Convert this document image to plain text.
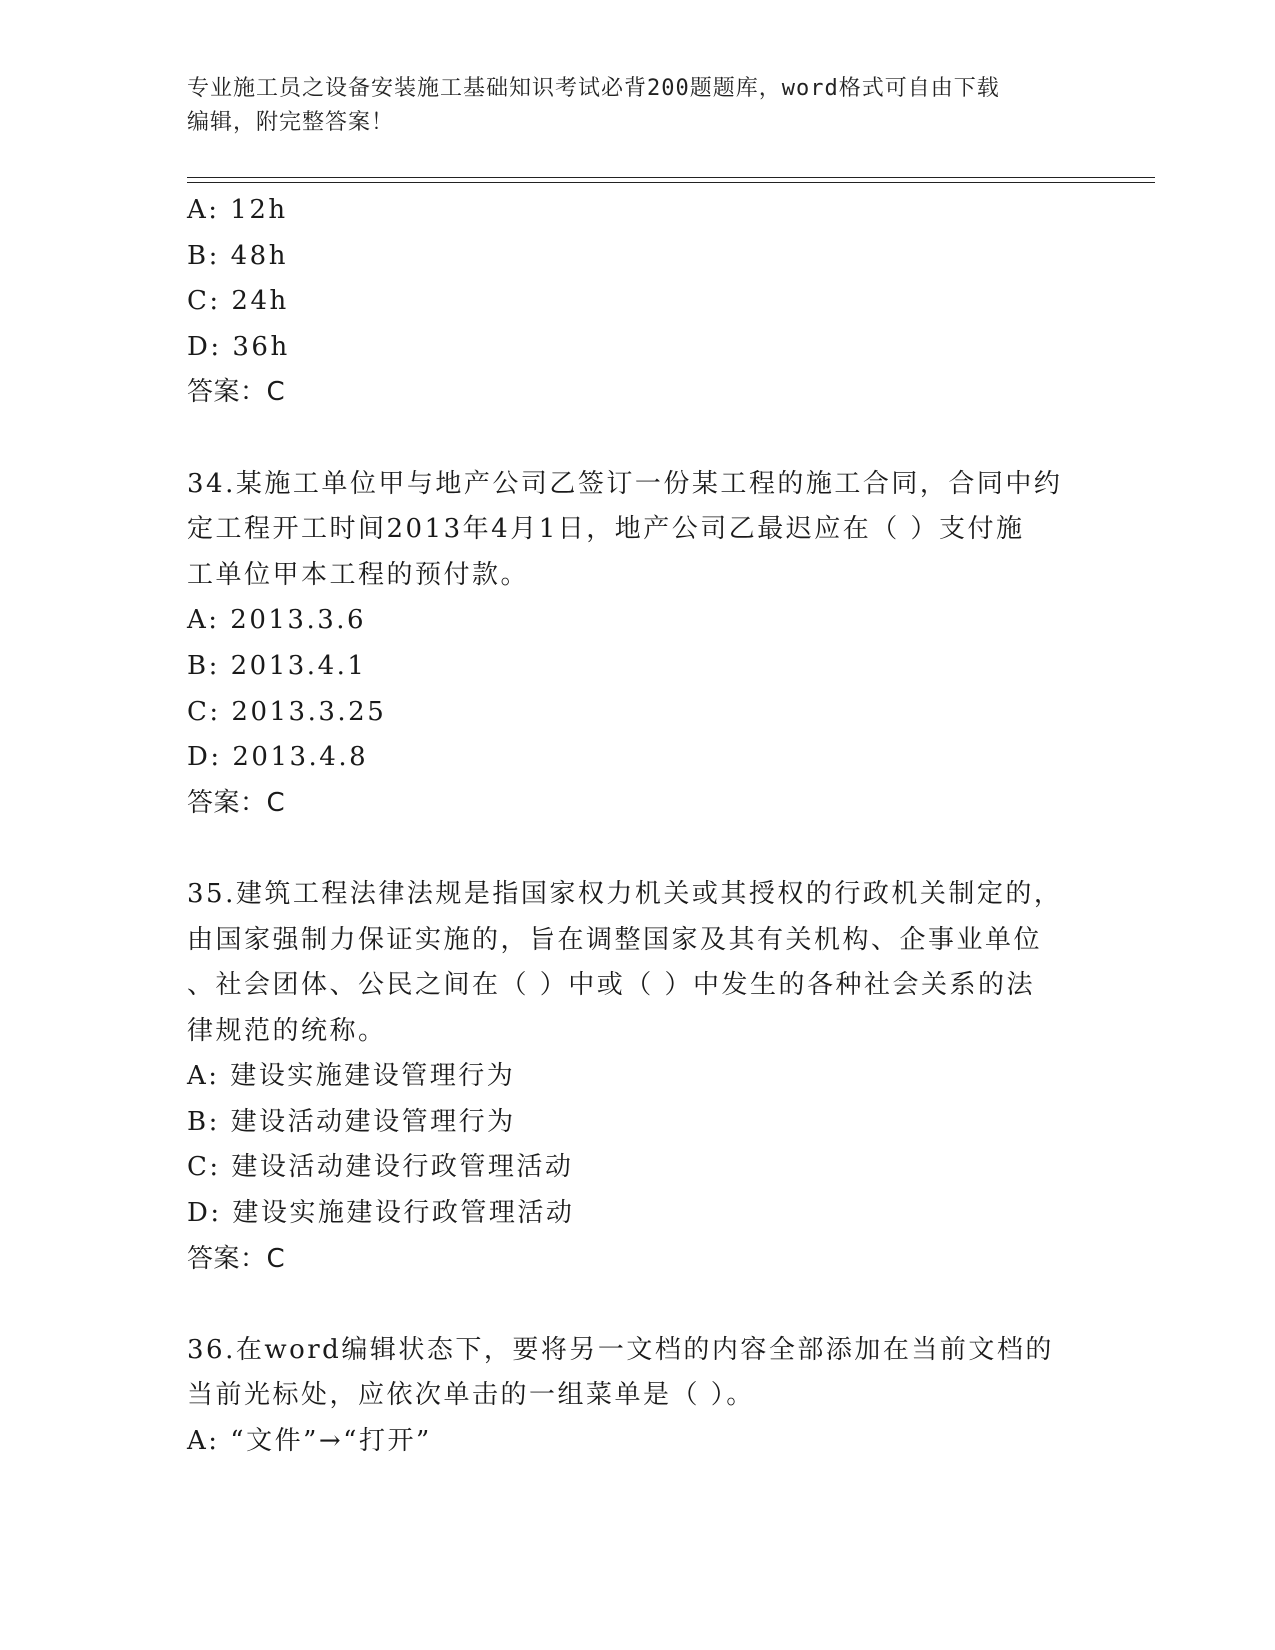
专业施工员之设备安装施工基础知识考试必背200题题库，word格式可自由下载
编辑，附完整答案！
A: 12h
B: 48h
C: 24h
D: 36h
答案：C
34.某施工单位甲与地产公司乙签订一份某工程的施工合同，合同中约
定工程开工时间2013年4月1日，地产公司乙最迟应在（ ）支付施
工单位甲本工程的预付款。
A: 2013.3.6
B: 2013.4.1
C: 2013.3.25
D: 2013.4.8
答案：C
35.建筑工程法律法规是指国家权力机关或其授权的行政机关制定的，
由国家强制力保证实施的，旨在调整国家及其有关机构、企事业单位
、社会团体、公民之间在（ ）中或（ ）中发生的各种社会关系的法
律规范的统称。
A: 建设实施建设管理行为
B: 建设活动建设管理行为
C: 建设活动建设行政管理活动
D: 建设实施建设行政管理活动
答案：C
36.在word编辑状态下，要将另一文档的内容全部添加在当前文档的
当前光标处，应依次单击的一组菜单是（ ）。
A: “文件”→“打开”
